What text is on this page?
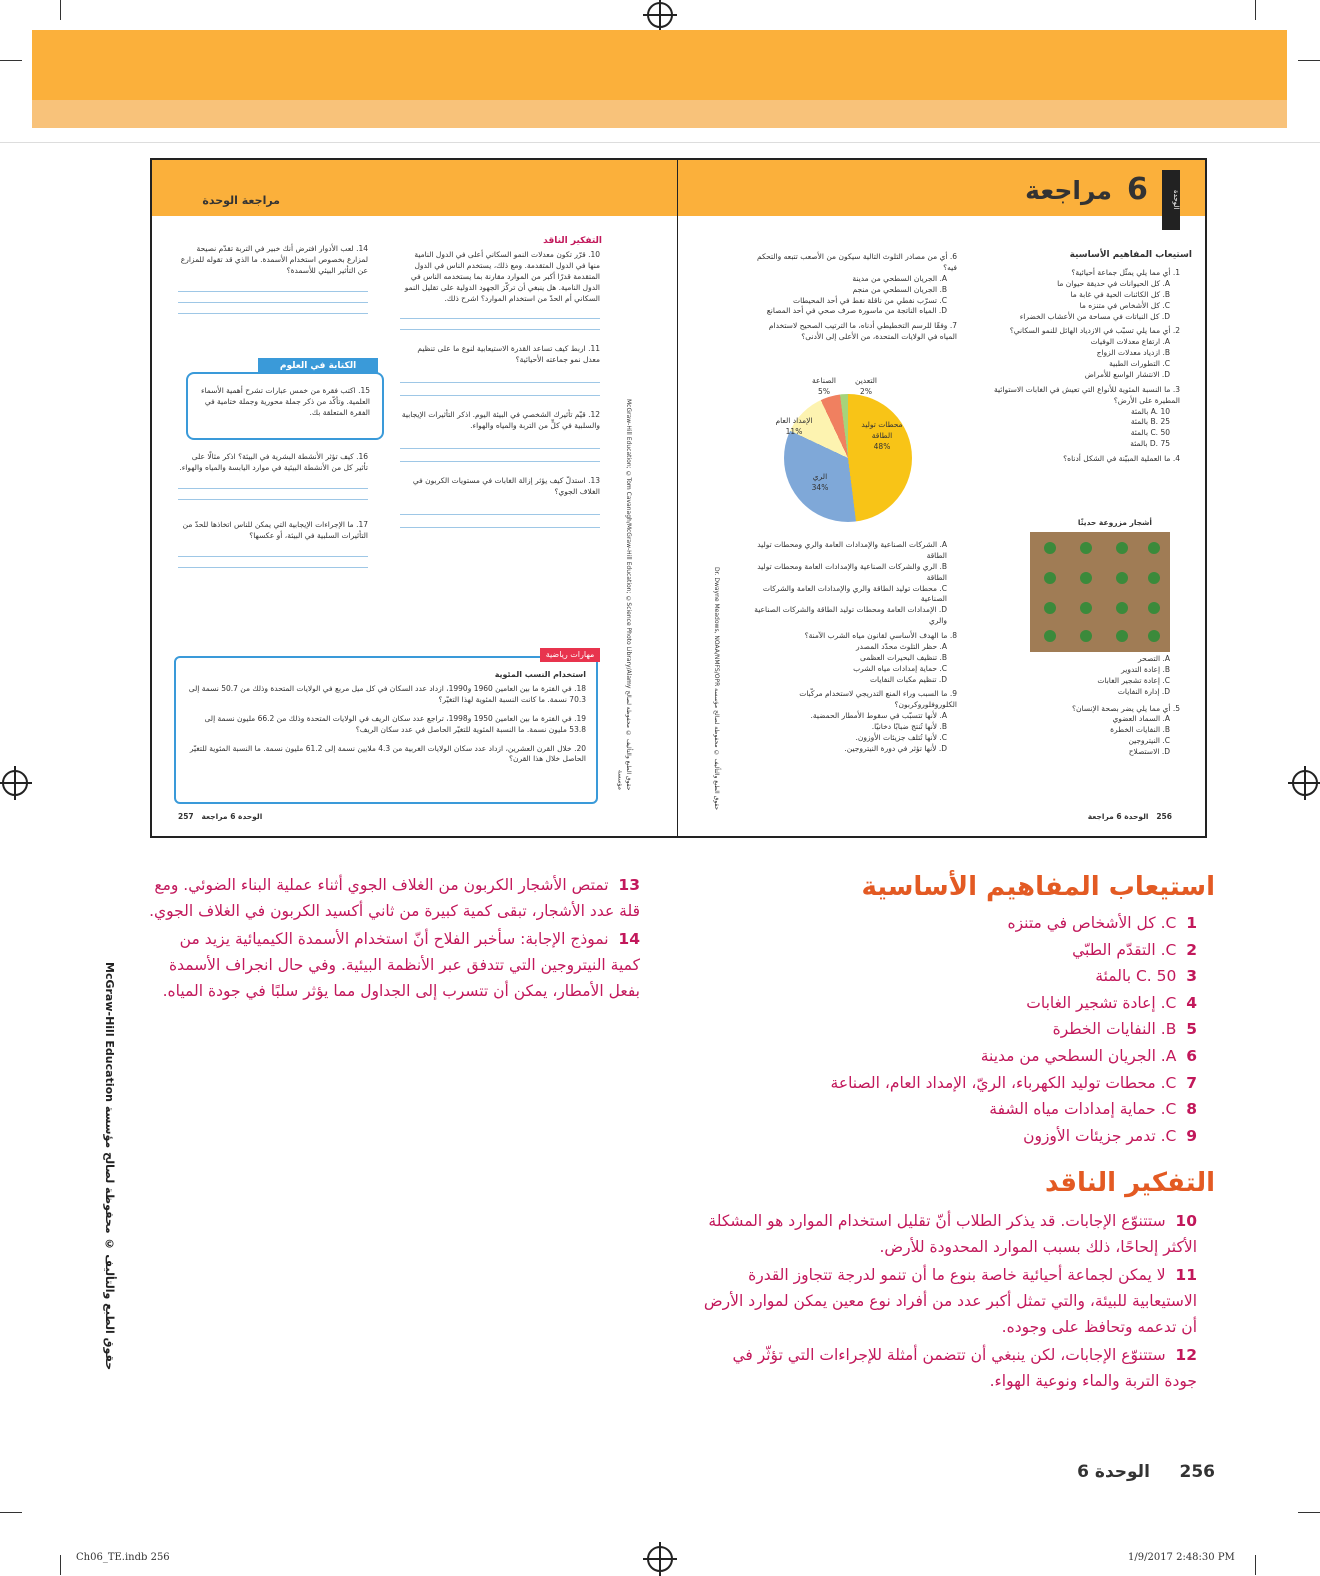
الوحدة
6
مراجعة
مراجعة الوحدة
استيعاب المفاهيم الأساسية
1. أي مما يلي يمثّل جماعة أحيائية؟
A. كل الحيوانات في حديقة حيوان ما
B. كل الكائنات الحية في غابة ما
C. كل الأشخاص في متنزه ما
D. كل النباتات في مساحة من الأعشاب الخضراء
2. أي مما يلي تسبّب في الازدياد الهائل للنمو السكاني؟
A. ارتفاع معدلات الوفيات
B. ازدياد معدلات الزواج
C. التطورات الطبية
D. الانتشار الواسع للأمراض
3. ما النسبة المئوية للأنواع التي تعيش في الغابات الاستوائية المطيرة على الأرض؟
A. 10 بالمئة
B. 25 بالمئة
C. 50 بالمئة
D. 75 بالمئة
4. ما العملية المبيّنة في الشكل أدناه؟
أشجار مزروعة حديثًا
A. التصحر
B. إعادة التدوير
C. إعادة تشجير الغابات
D. إدارة النفايات
5. أي مما يلي يضر بصحة الإنسان؟
A. السماد العضوي
B. النفايات الخطرة
C. النيتروجين
D. الاستصلاح
6. أي من مصادر التلوث التالية سيكون من الأصعب تتبعه والتحكم فيه؟
A. الجريان السطحي من مدينة
B. الجريان السطحي من منجم
C. تسرّب نفطي من ناقلة نفط في أحد المحيطات
D. المياه الناتجة من ماسورة صرف صحي في أحد المصانع
7. وفقًا للرسم التخطيطي أدناه، ما الترتيب الصحيح لاستخدام المياه في الولايات المتحدة، من الأعلى إلى الأدنى؟
محطات توليد الطاقة
48%
الري
34%
الإمداد العام
11%
الصناعة
5%
التعدين
2%
A. الشركات الصناعية والإمدادات العامة والري ومحطات توليد الطاقة
B. الري والشركات الصناعية والإمدادات العامة ومحطات توليد الطاقة
C. محطات توليد الطاقة والري والإمدادات العامة والشركات الصناعية
D. الإمدادات العامة ومحطات توليد الطاقة والشركات الصناعية والري
8. ما الهدف الأساسي لقانون مياه الشرب الآمنة؟
A. حظر التلوث محدّد المصدر
B. تنظيف البحيرات العظمى
C. حماية إمدادات مياه الشرب
D. تنظيم مكبات النفايات
9. ما السبب وراء المنع التدريجي لاستخدام مركّبات الكلوروفلوروكربون؟
A. لأنها تتسبّب في سقوط الأمطار الحمضية.
B. لأنها تُنتج ضبابًا دخانيًا.
C. لأنها تُتلف جزيئات الأوزون.
D. لأنها تؤثر في دورة النيتروجين.
Dr. Dwayne Meadows, NOAA/NMFS/OPR حقوق الطبع والتأليف © محفوظة لصالح مؤسسة
256   الوحدة 6 مراجعة
التفكير الناقد
10. قرّر تكون معدلات النمو السكاني أعلى في الدول النامية منها في الدول المتقدمة. ومع ذلك، يستخدم الناس في الدول المتقدمة قدرًا أكبر من الموارد مقارنة بما يستخدمه الناس في الدول النامية. هل ينبغي أن تركّز الجهود الدولية على تقليل النمو السكاني أم الحدّ من استخدام الموارد؟ اشرح ذلك.
11. اربط كيف تساعد القدرة الاستيعابية لنوع ما على تنظيم معدل نمو جماعته الأحيائية؟
12. قيّم تأثيرك الشخصي في البيئة اليوم. اذكر التأثيرات الإيجابية والسلبية في كلٍّ من التربة والمياه والهواء.
13. استدلّ كيف يؤثر إزالة الغابات في مستويات الكربون في الغلاف الجوي؟
14. لعب الأدوار افترض أنك خبير في التربة تقدّم نصيحة لمزارع بخصوص استخدام الأسمدة. ما الذي قد تقوله للمزارع عن التأثير البيئي للأسمدة؟
الكتابة في العلوم
15. اكتب فقرة من خمس عبارات تشرح أهمية الأسماء العلمية. وتأكّد من ذكر جملة محورية وجملة ختامية في الفقرة المتعلقة بك.
16. كيف تؤثر الأنشطة البشرية في البيئة؟ اذكر مثالًا على تأثير كل من الأنشطة البيئية في موارد اليابسة والمياه والهواء.
17. ما الإجراءات الإيجابية التي يمكن للناس اتخاذها للحدّ من التأثيرات السلبية في البيئة، أو عكسها؟
مهارات رياضية
استخدام النسب المئوية
18. في الفترة ما بين العامين 1960 و1990، ازداد عدد السكان في كل ميل مربع في الولايات المتحدة وذلك من 50.7 نسمة إلى 70.3 نسمة. ما كانت النسبة المئوية لهذا التغيّر؟
19. في الفترة ما بين العامين 1950 و1998، تراجع عدد سكان الريف في الولايات المتحدة وذلك من 66.2 مليون نسمة إلى 53.8 مليون نسمة. ما النسبة المئوية للتغيّر الحاصل في عدد سكان الريف؟
20. خلال القرن العشرين، ازداد عدد سكان الولايات الغربية من 4.3 ملايين نسمة إلى 61.2 مليون نسمة. ما النسبة المئوية للتغيّر الحاصل خلال هذا القرن؟
McGraw-Hill Education; ©Tom Cavanagh/McGraw-Hill Education; ©Science Photo Library/Alamy حقوق الطبع والتأليف © محفوظة لصالح مؤسسة
257 الوحدة 6 مراجعة
حقوق الطبع والتأليف © محفوظة لصالح مؤسسة McGraw-Hill Education
استيعاب المفاهيم الأساسية
1  C. كل الأشخاص في متنزه
2  C. التقدّم الطبّي
3  C. 50 بالمئة
4  C. إعادة تشجير الغابات
5  B. النفايات الخطرة
6  A. الجريان السطحي من مدينة
7  C. محطات توليد الكهرباء، الريّ، الإمداد العام، الصناعة
8  C. حماية إمدادات مياه الشفة
9  C. تدمر جزيئات الأوزون
التفكير الناقد
10  ستتنوّع الإجابات. قد يذكر الطلاب أنّ تقليل استخدام الموارد هو المشكلة الأكثر إلحاحًا، ذلك بسبب الموارد المحدودة للأرض.
11  لا يمكن لجماعة أحيائية خاصة بنوع ما أن تنمو لدرجة تتجاوز القدرة الاستيعابية للبيئة، والتي تمثل أكبر عدد من أفراد نوع معين يمكن لموارد الأرض أن تدعمه وتحافظ على وجوده.
12  ستتنوّع الإجابات، لكن ينبغي أن تتضمن أمثلة للإجراءات التي تؤثّر في جودة التربة والماء ونوعية الهواء.
13  تمتص الأشجار الكربون من الغلاف الجوي أثناء عملية البناء الضوئي. ومع قلة عدد الأشجار، تبقى كمية كبيرة من ثاني أكسيد الكربون في الغلاف الجوي.
14  نموذج الإجابة: سأخبر الفلاح أنّ استخدام الأسمدة الكيميائية يزيد من كمية النيتروجين التي تتدفق عبر الأنظمة البيئية. وفي حال انجراف الأسمدة بفعل الأمطار، يمكن أن تتسرب إلى الجداول مما يؤثر سلبًا في جودة المياه.
256     الوحدة 6
Ch06_TE.indb 256	1/9/2017 2:48:30 PM
